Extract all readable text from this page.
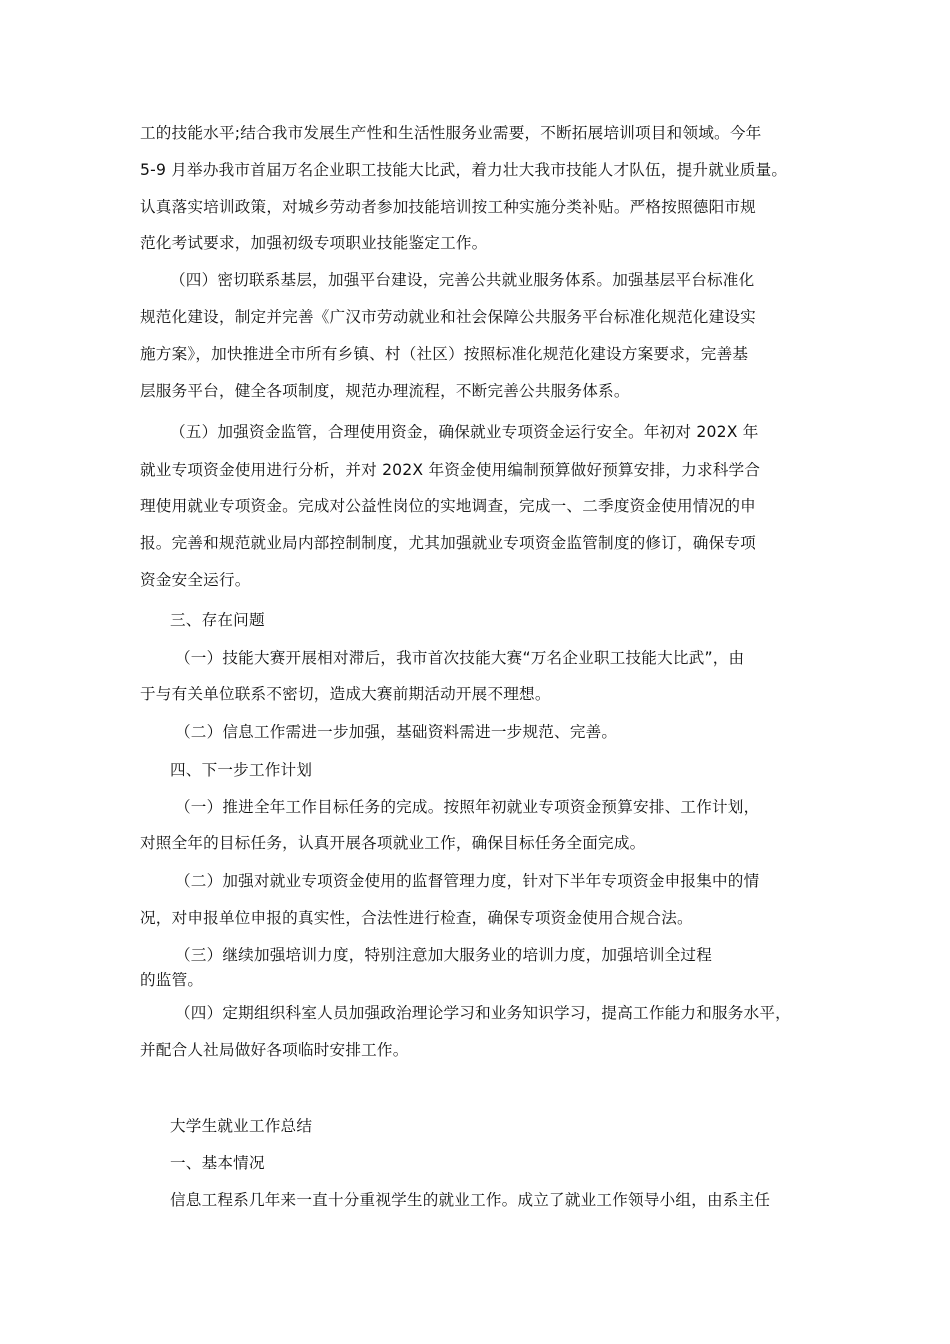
工的技能水平;结合我市发展生产性和生活性服务业需要，不断拓展培训项目和领域。今年
5-9 月举办我市首届万名企业职工技能大比武，着力壮大我市技能人才队伍，提升就业质量。
认真落实培训政策，对城乡劳动者参加技能培训按工种实施分类补贴。严格按照德阳市规
范化考试要求，加强初级专项职业技能鉴定工作。
（四）密切联系基层，加强平台建设，完善公共就业服务体系。加强基层平台标准化
规范化建设，制定并完善《广汉市劳动就业和社会保障公共服务平台标准化规范化建设实
施方案》，加快推进全市所有乡镇、村（社区）按照标准化规范化建设方案要求，完善基
层服务平台，健全各项制度，规范办理流程，不断完善公共服务体系。
（五）加强资金监管，合理使用资金，确保就业专项资金运行安全。年初对 202X 年
就业专项资金使用进行分析，并对 202X 年资金使用编制预算做好预算安排，力求科学合
理使用就业专项资金。完成对公益性岗位的实地调查，完成一、二季度资金使用情况的申
报。完善和规范就业局内部控制制度，尤其加强就业专项资金监管制度的修订，确保专项
资金安全运行。
三、存在问题
（一）技能大赛开展相对滞后，我市首次技能大赛“万名企业职工技能大比武”，由
于与有关单位联系不密切，造成大赛前期活动开展不理想。
（二）信息工作需进一步加强，基础资料需进一步规范、完善。
四、下一步工作计划
（一）推进全年工作目标任务的完成。按照年初就业专项资金预算安排、工作计划，
对照全年的目标任务，认真开展各项就业工作，确保目标任务全面完成。
（二）加强对就业专项资金使用的监督管理力度，针对下半年专项资金申报集中的情
况，对申报单位申报的真实性，合法性进行检查，确保专项资金使用合规合法。
（三）继续加强培训力度，特别注意加大服务业的培训力度，加强培训全过程
的监管。
（四）定期组织科室人员加强政治理论学习和业务知识学习，提高工作能力和服务水平，
并配合人社局做好各项临时安排工作。
大学生就业工作总结
一、基本情况
信息工程系几年来一直十分重视学生的就业工作。成立了就业工作领导小组，由系主任
